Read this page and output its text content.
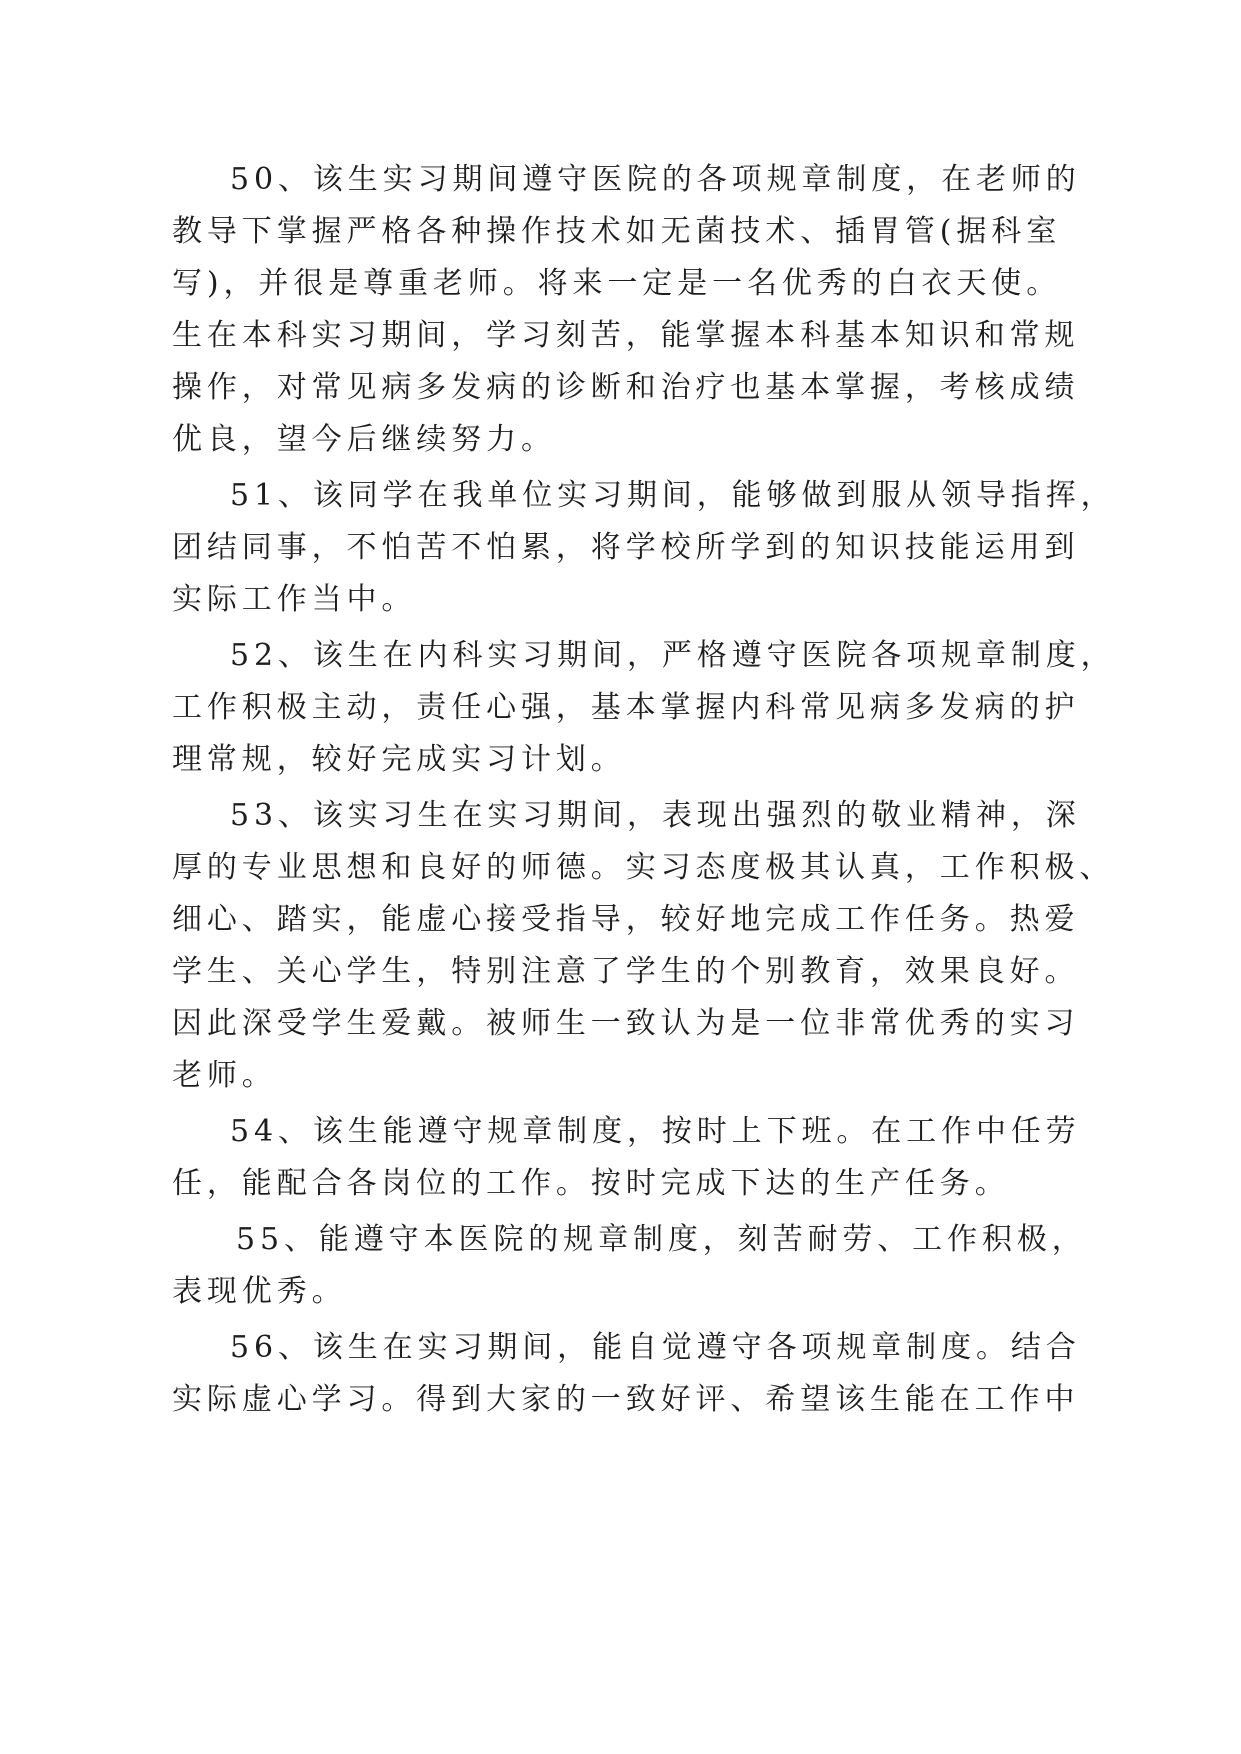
50、该生实习期间遵守医院的各项规章制度，在老师的

教导下掌握严格各种操作技术如无菌技术、插胃管(据科室

写)，并很是尊重老师。将来一定是一名优秀的白衣天使。

生在本科实习期间，学习刻苦，能掌握本科基本知识和常规

操作，对常见病多发病的诊断和治疗也基本掌握，考核成绩

优良，望今后继续努力。

51、该同学在我单位实习期间，能够做到服从领导指挥，

团结同事，不怕苦不怕累，将学校所学到的知识技能运用到

实际工作当中。

52、该生在内科实习期间，严格遵守医院各项规章制度，

工作积极主动，责任心强，基本掌握内科常见病多发病的护

理常规，较好完成实习计划。

53、该实习生在实习期间，表现出强烈的敬业精神，深

厚的专业思想和良好的师德。实习态度极其认真，工作积极、

细心、踏实，能虚心接受指导，较好地完成工作任务。热爱

学生、关心学生，特别注意了学生的个别教育，效果良好。

因此深受学生爱戴。被师生一致认为是一位非常优秀的实习

老师。

54、该生能遵守规章制度，按时上下班。在工作中任劳

任，能配合各岗位的工作。按时完成下达的生产任务。

55、能遵守本医院的规章制度，刻苦耐劳、工作积极，

表现优秀。

56、该生在实习期间，能自觉遵守各项规章制度。结合

实际虚心学习。得到大家的一致好评、希望该生能在工作中
